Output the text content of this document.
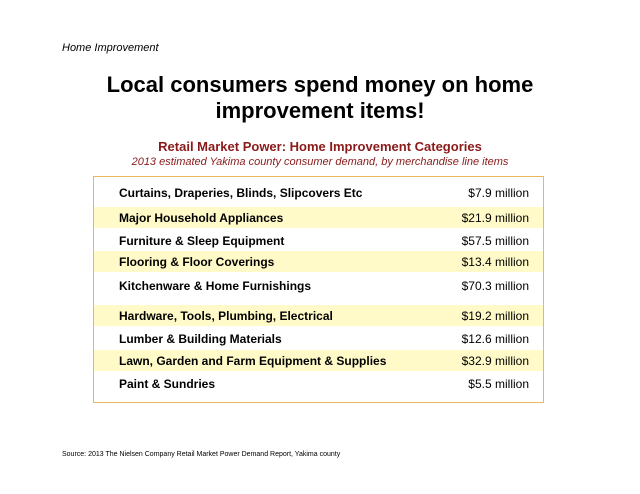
Home Improvement
Local consumers spend money on home
improvement items!
Retail Market Power: Home Improvement Categories
2013 estimated Yakima county consumer demand, by merchandise line items
Curtains, Draperies, Blinds, Slipcovers Etc	$7.9 million
Major Household Appliances	$21.9 million
Furniture & Sleep Equipment	$57.5 million
Flooring & Floor Coverings	$13.4 million
Kitchenware & Home Furnishings	$70.3 million
Hardware, Tools, Plumbing, Electrical	$19.2 million
Lumber & Building Materials	$12.6 million
Lawn, Garden and Farm Equipment & Supplies	$32.9 million
Paint & Sundries	$5.5 million
Source: 2013 The Nielsen Company Retail Market Power Demand Report, Yakima county
